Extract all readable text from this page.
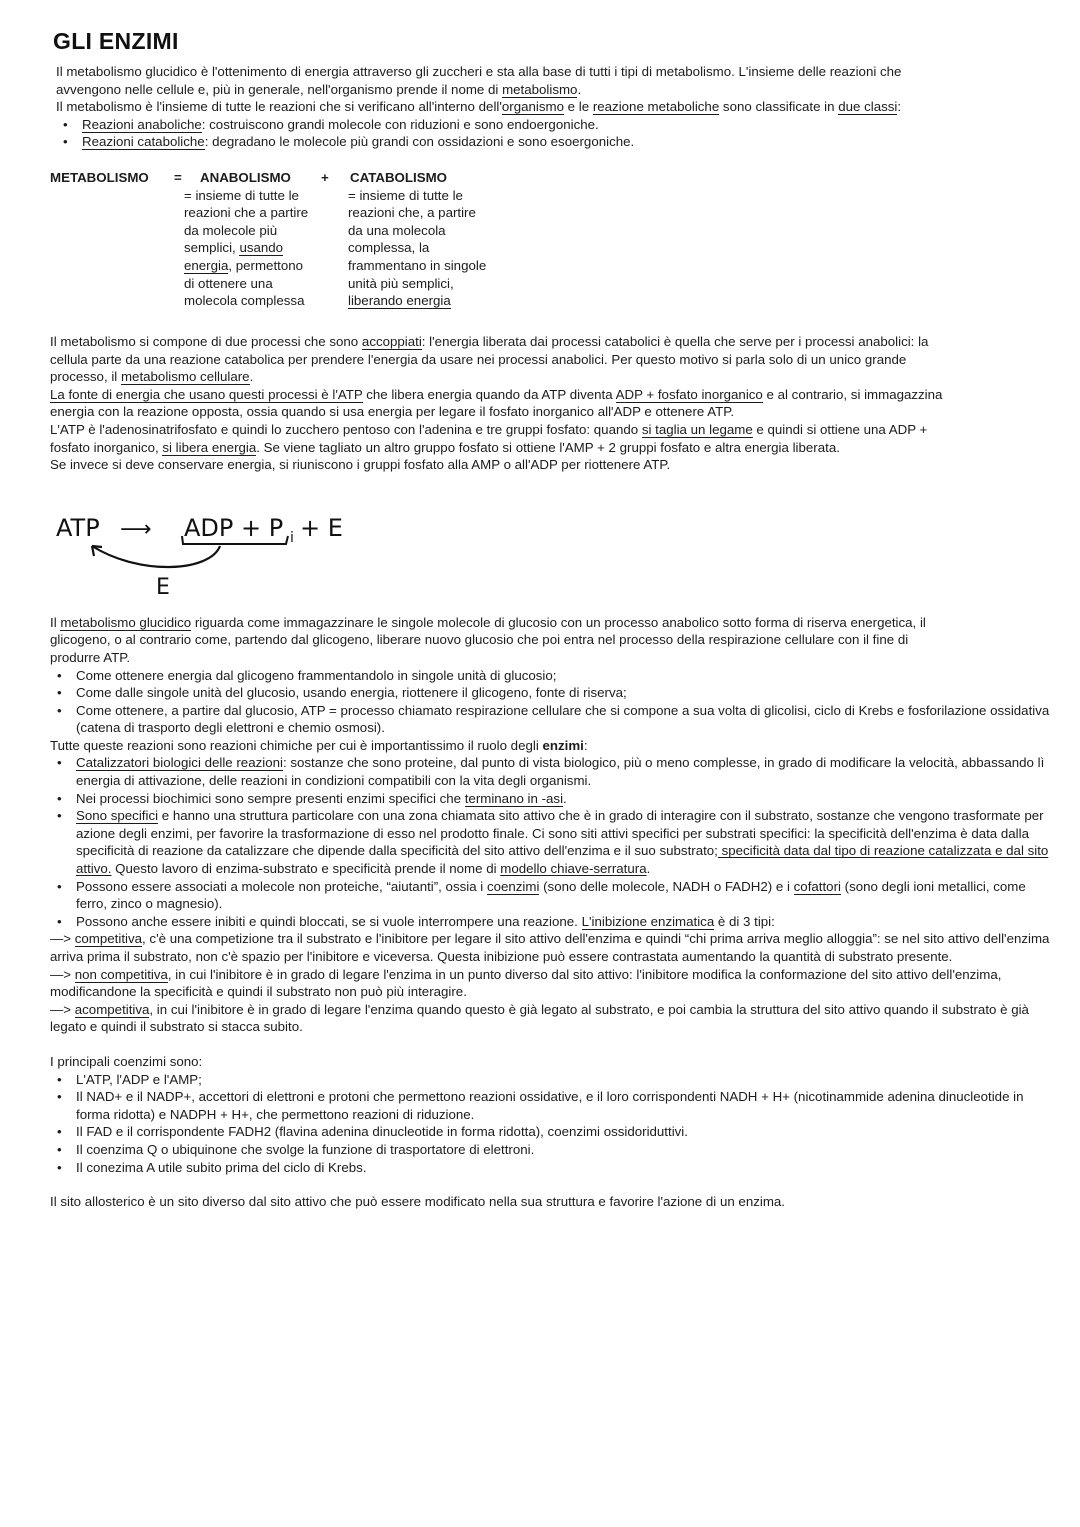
GLI ENZIMI

Il metabolismo glucidico è l'ottenimento di energia attraverso gli zuccheri e sta alla base di tutti i tipi di metabolismo. L'insieme delle reazioni che

avvengono nelle cellule e, più in generale, nell'organismo prende il nome di metabolismo.

Il metabolismo è l'insieme di tutte le reazioni che si verificano all'interno dell'organismo e le reazione metaboliche sono classificate in due classi:

• Reazioni anaboliche: costruiscono grandi molecole con riduzioni e sono endoergoniche.

• Reazioni cataboliche: degradano le molecole più grandi con ossidazioni e sono esoergoniche.

METABOLISMO = ANABOLISMO + CATABOLISMO
= insieme di tutte le
reazioni che a partire
da molecole più
semplici, usando
energia, permettono
di ottenere una
molecola complessa
= insieme di tutte le
reazioni che, a partire
da una molecola
complessa, la
frammentano in singole
unità più semplici,
liberando energia

Il metabolismo si compone di due processi che sono accoppiati: l'energia liberata dai processi catabolici è quella che serve per i processi anabolici: la

cellula parte da una reazione catabolica per prendere l'energia da usare nei processi anabolici. Per questo motivo si parla solo di un unico grande

processo, il metabolismo cellulare.

La fonte di energia che usano questi processi è l'ATP che libera energia quando da ATP diventa ADP + fosfato inorganico e al contrario, si immagazzina

energia con la reazione opposta, ossia quando si usa energia per legare il fosfato inorganico all'ADP e ottenere ATP.

L'ATP è l'adenosinatrifosfato e quindi lo zucchero pentoso con l'adenina e tre gruppi fosfato: quando si taglia un legame e quindi si ottiene una ADP +

fosfato inorganico, si libera energia. Se viene tagliato un altro gruppo fosfato si ottiene l'AMP + 2 gruppi fosfato e altra energia liberata.

Se invece si deve conservare energia, si riuniscono i gruppi fosfato alla AMP o all'ADP per riottenere ATP.

ATP ⟶ ADP + P i + E
E

Il metabolismo glucidico riguarda come immagazzinare le singole molecole di glucosio con un processo anabolico sotto forma di riserva energetica, il

glicogeno, o al contrario come, partendo dal glicogeno, liberare nuovo glucosio che poi entra nel processo della respirazione cellulare con il fine di

produrre ATP.

• Come ottenere energia dal glicogeno frammentandolo in singole unità di glucosio;

• Come dalle singole unità del glucosio, usando energia, riottenere il glicogeno, fonte di riserva;

• Come ottenere, a partire dal glucosio, ATP = processo chiamato respirazione cellulare che si compone a sua volta di glicolisi, ciclo di Krebs e fosforilazione ossidativa (catena di trasporto degli elettroni e chemio osmosi).

Tutte queste reazioni sono reazioni chimiche per cui è importantissimo il ruolo degli enzimi:

• Catalizzatori biologici delle reazioni: sostanze che sono proteine, dal punto di vista biologico, più o meno complesse, in grado di modificare la velocità, abbassando lì energia di attivazione, delle reazioni in condizioni compatibili con la vita degli organismi.

• Nei processi biochimici sono sempre presenti enzimi specifici che terminano in -asi.

• Sono specifici e hanno una struttura particolare con una zona chiamata sito attivo che è in grado di interagire con il substrato, sostanze che vengono trasformate per azione degli enzimi, per favorire la trasformazione di esso nel prodotto finale. Ci sono siti attivi specifici per substrati specifici: la specificità dell'enzima è data dalla specificità di reazione da catalizzare che dipende dalla specificità del sito attivo dell'enzima e il suo substrato; specificità data dal tipo di reazione catalizzata e dal sito attivo. Questo lavoro di enzima-substrato e specificità prende il nome di modello chiave-serratura.

• Possono essere associati a molecole non proteiche, “aiutanti”, ossia i coenzimi (sono delle molecole, NADH o FADH2) e i cofattori (sono degli ioni metallici, come ferro, zinco o magnesio).

• Possono anche essere inibiti e quindi bloccati, se si vuole interrompere una reazione. L'inibizione enzimatica è di 3 tipi:

—> competitiva, c'è una competizione tra il substrato e l'inibitore per legare il sito attivo dell'enzima e quindi “chi prima arriva meglio alloggia”: se nel sito attivo dell'enzima arriva prima il substrato, non c'è spazio per l'inibitore e viceversa. Questa inibizione può essere contrastata aumentando la quantità di substrato presente.

—> non competitiva, in cui l'inibitore è in grado di legare l'enzima in un punto diverso dal sito attivo: l'inibitore modifica la conformazione del sito attivo dell'enzima, modificandone la specificità e quindi il substrato non può più interagire.

—> acompetitiva, in cui l'inibitore è in grado di legare l'enzima quando questo è già legato al substrato, e poi cambia la struttura del sito attivo quando il substrato è già legato e quindi il substrato si stacca subito.

I principali coenzimi sono:

• L'ATP, l'ADP e l'AMP;

• Il NAD+ e il NADP+, accettori di elettroni e protoni che permettono reazioni ossidative, e il loro corrispondenti NADH + H+ (nicotinammide adenina dinucleotide in forma ridotta) e NADPH + H+, che permettono reazioni di riduzione.

• Il FAD e il corrispondente FADH2 (flavina adenina dinucleotide in forma ridotta), coenzimi ossidoriduttivi.

• Il coenzima Q o ubiquinone che svolge la funzione di trasportatore di elettroni.

• Il conezima A utile subito prima del ciclo di Krebs.

Il sito allosterico è un sito diverso dal sito attivo che può essere modificato nella sua struttura e favorire l'azione di un enzima.
